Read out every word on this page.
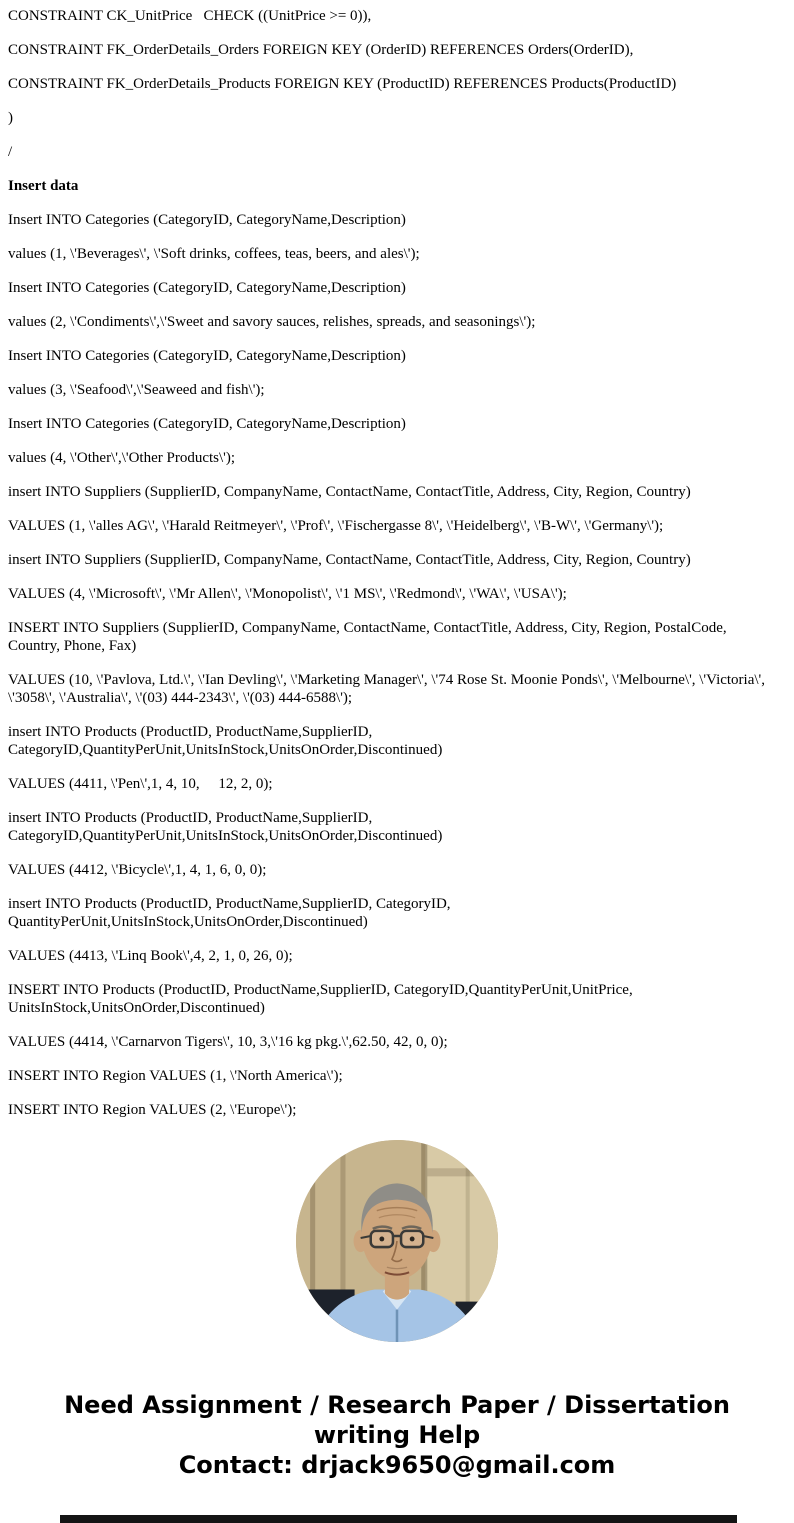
CONSTRAINT CK_UnitPrice   CHECK ((UnitPrice >= 0)),

CONSTRAINT FK_OrderDetails_Orders FOREIGN KEY (OrderID) REFERENCES Orders(OrderID),

CONSTRAINT FK_OrderDetails_Products FOREIGN KEY (ProductID) REFERENCES Products(ProductID)

)

/

Insert data

Insert INTO Categories (CategoryID, CategoryName,Description)

values (1, \'Beverages\', \'Soft drinks, coffees, teas, beers, and ales\');

Insert INTO Categories (CategoryID, CategoryName,Description)

values (2, \'Condiments\',\'Sweet and savory sauces, relishes, spreads, and seasonings\');

Insert INTO Categories (CategoryID, CategoryName,Description)

values (3, \'Seafood\',\'Seaweed and fish\');

Insert INTO Categories (CategoryID, CategoryName,Description)

values (4, \'Other\',\'Other Products\');

insert INTO Suppliers (SupplierID, CompanyName, ContactName, ContactTitle, Address, City, Region, Country)

VALUES (1, \'alles AG\', \'Harald Reitmeyer\', \'Prof\', \'Fischergasse 8\', \'Heidelberg\', \'B-W\', \'Germany\');

insert INTO Suppliers (SupplierID, CompanyName, ContactName, ContactTitle, Address, City, Region, Country)

VALUES (4, \'Microsoft\', \'Mr Allen\', \'Monopolist\', \'1 MS\', \'Redmond\', \'WA\', \'USA\');

INSERT INTO Suppliers (SupplierID, CompanyName, ContactName, ContactTitle, Address, City, Region, PostalCode, Country, Phone, Fax)

VALUES (10, \'Pavlova, Ltd.\', \'Ian Devling\', \'Marketing Manager\', \'74 Rose St. Moonie Ponds\', \'Melbourne\', \'Victoria\', \'3058\', \'Australia\', \'(03) 444-2343\', \'(03) 444-6588\');

insert INTO Products (ProductID, ProductName,SupplierID, CategoryID,QuantityPerUnit,UnitsInStock,UnitsOnOrder,Discontinued)

VALUES (4411, \'Pen\',1, 4, 10,     12, 2, 0);

insert INTO Products (ProductID, ProductName,SupplierID, CategoryID,QuantityPerUnit,UnitsInStock,UnitsOnOrder,Discontinued)

VALUES (4412, \'Bicycle\',1, 4, 1, 6, 0, 0);

insert INTO Products (ProductID, ProductName,SupplierID, CategoryID, QuantityPerUnit,UnitsInStock,UnitsOnOrder,Discontinued)

VALUES (4413, \'Linq Book\',4, 2, 1, 0, 26, 0);

INSERT INTO Products (ProductID, ProductName,SupplierID, CategoryID,QuantityPerUnit,UnitPrice, UnitsInStock,UnitsOnOrder,Discontinued)

VALUES (4414, \'Carnarvon Tigers\', 10, 3,\'16 kg pkg.\',62.50, 42, 0, 0);

INSERT INTO Region VALUES (1, \'North America\');

INSERT INTO Region VALUES (2, \'Europe\');

Need Assignment / Research Paper / Dissertation writing Help
Contact: drjack9650@gmail.com
